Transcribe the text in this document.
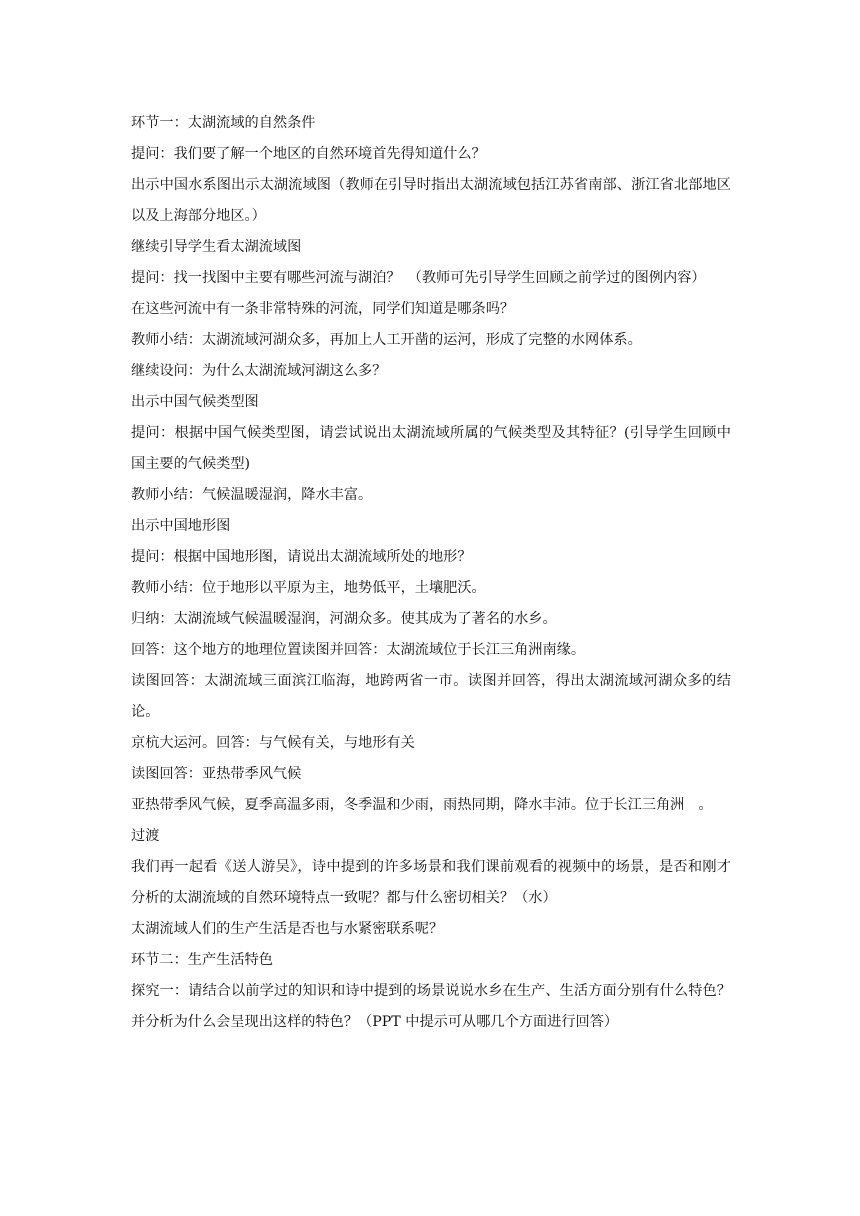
环节一：太湖流域的自然条件

提问：我们要了解一个地区的自然环境首先得知道什么？

出示中国水系图出示太湖流域图（教师在引导时指出太湖流域包括江苏省南部、浙江省北部地区以及上海部分地区。）

继续引导学生看太湖流域图

提问：找一找图中主要有哪些河流与湖泊？　（教师可先引导学生回顾之前学过的图例内容）

在这些河流中有一条非常特殊的河流，同学们知道是哪条吗？

教师小结：太湖流域河湖众多，再加上人工开凿的运河，形成了完整的水网体系。

继续设问：为什么太湖流域河湖这么多？

出示中国气候类型图

提问：根据中国气候类型图，请尝试说出太湖流域所属的气候类型及其特征？(引导学生回顾中国主要的气候类型)

教师小结：气候温暖湿润，降水丰富。

出示中国地形图

提问：根据中国地形图，请说出太湖流域所处的地形？

教师小结：位于地形以平原为主，地势低平，土壤肥沃。

归纳：太湖流域气候温暖湿润，河湖众多。使其成为了著名的水乡。

回答：这个地方的地理位置读图并回答：太湖流域位于长江三角洲南缘。

读图回答：太湖流域三面滨江临海，地跨两省一市。读图并回答，得出太湖流域河湖众多的结论。

京杭大运河。回答：与气候有关，与地形有关

读图回答：亚热带季风气候

亚热带季风气候，夏季高温多雨，冬季温和少雨，雨热同期，降水丰沛。位于长江三角洲　。

过渡

我们再一起看《送人游吴》，诗中提到的许多场景和我们课前观看的视频中的场景，是否和刚才分析的太湖流域的自然环境特点一致呢？都与什么密切相关？（水）

太湖流域人们的生产生活是否也与水紧密联系呢？

环节二：生产生活特色

探究一：请结合以前学过的知识和诗中提到的场景说说水乡在生产、生活方面分别有什么特色？并分析为什么会呈现出这样的特色？（PPT 中提示可从哪几个方面进行回答）
